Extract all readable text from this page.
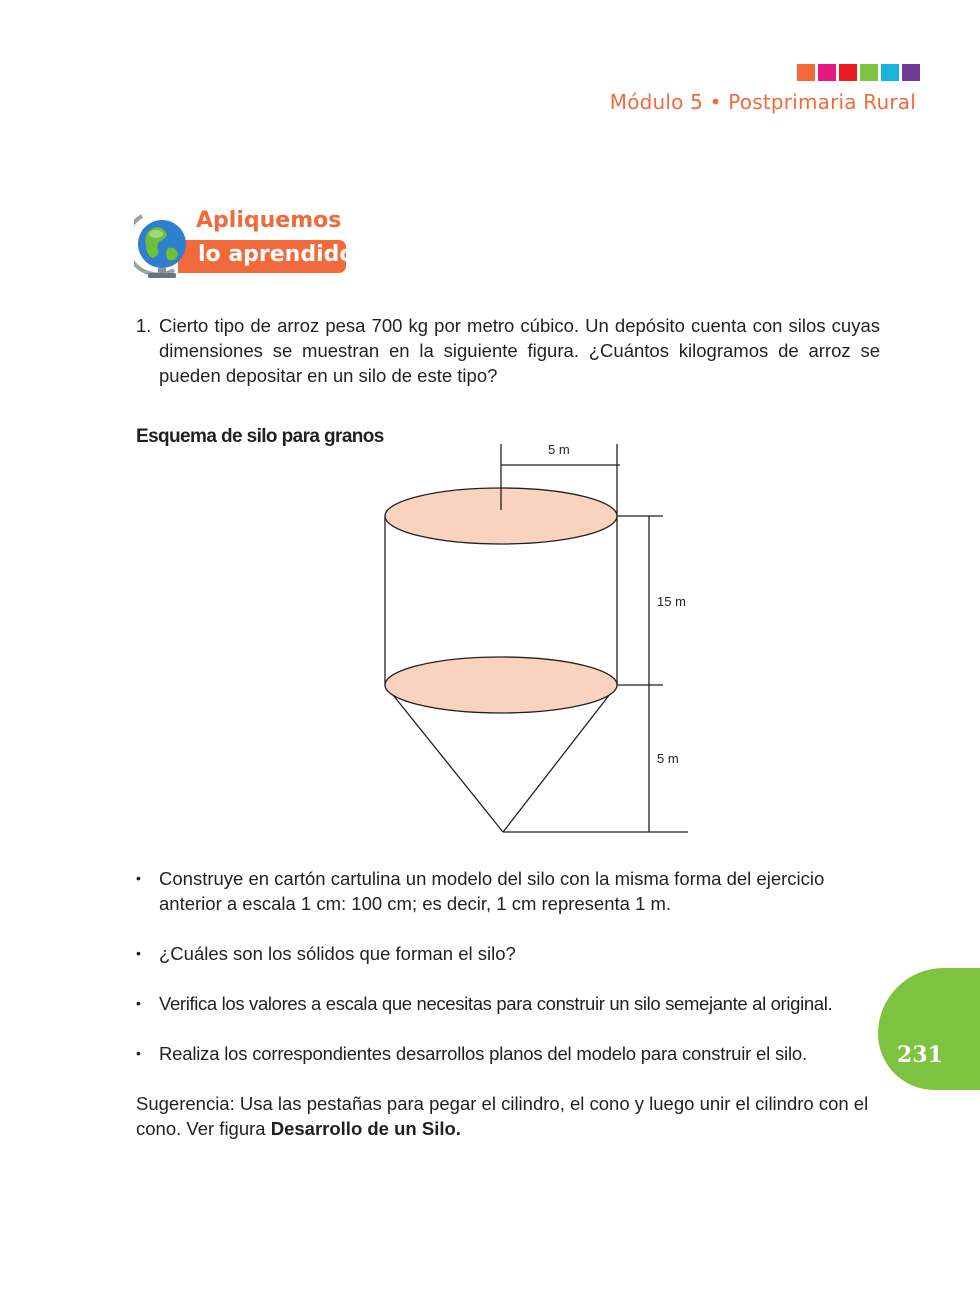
Módulo 5 • Postprimaria Rural
Apliquemos
lo aprendido
1. Cierto tipo de arroz pesa 700 kg por metro cúbico. Un depósito cuenta con silos cuyas dimensiones se muestran en la siguiente figura. ¿Cuántos kilogramos de arroz se pueden depositar en un silo de este tipo?
Esquema de silo para granos
5 m
15 m
5 m
• Construye en cartón cartulina un modelo del silo con la misma forma del ejercicio anterior a escala 1 cm: 100 cm; es decir, 1 cm representa 1 m.
• ¿Cuáles son los sólidos que forman el silo?
• Verifica los valores a escala que necesitas para construir un silo semejante al original.
• Realiza los correspondientes desarrollos planos del modelo para construir el silo.
Sugerencia: Usa las pestañas para pegar el cilindro, el cono y luego unir el cilindro con el cono. Ver figura Desarrollo de un Silo.
231
